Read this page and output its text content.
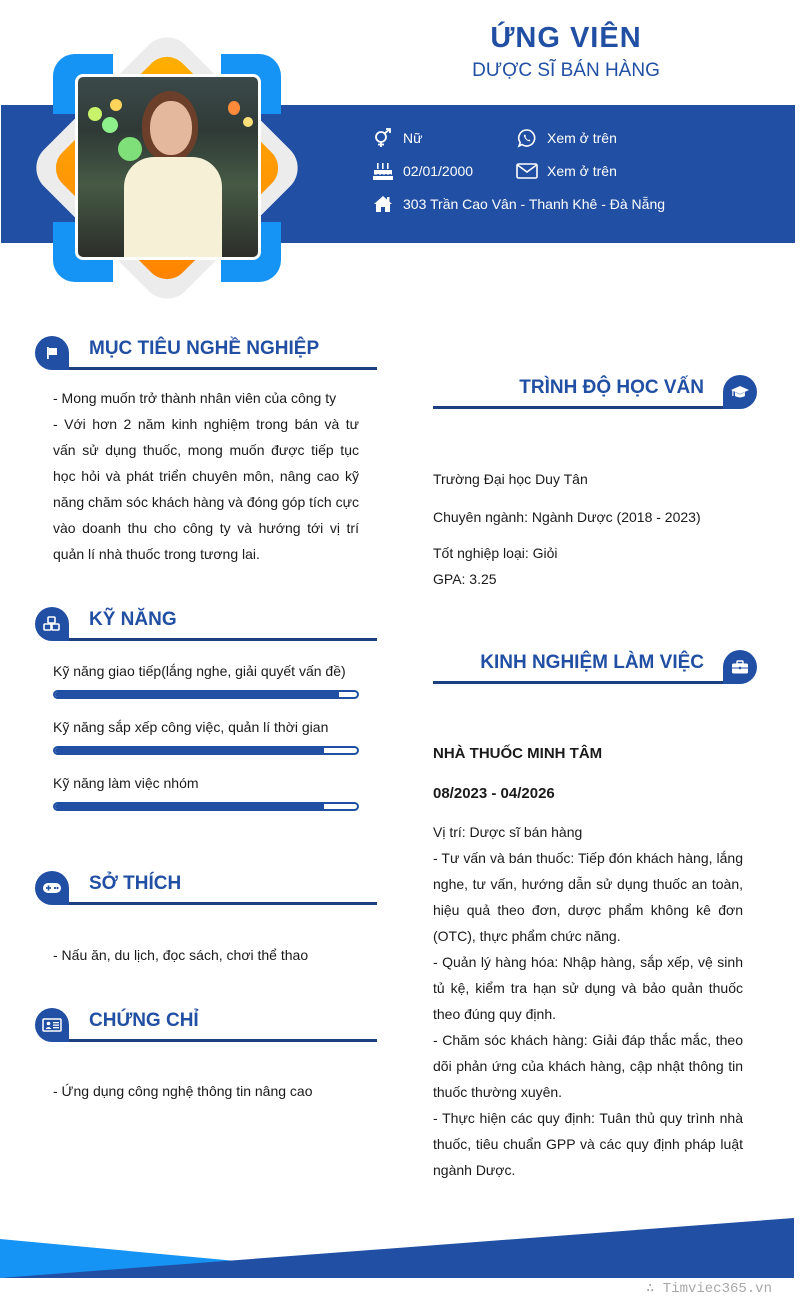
ỨNG VIÊN
DƯỢC SĨ BÁN HÀNG
Nữ	Xem ở trên
02/01/2000	Xem ở trên
303 Trần Cao Vân - Thanh Khê - Đà Nẵng
MỤC TIÊU NGHỀ NGHIỆP
- Mong muốn trở thành nhân viên của công ty
- Với hơn 2 năm kinh nghiệm trong bán và tư vấn sử dụng thuốc, mong muốn được tiếp tục học hỏi và phát triển chuyên môn, nâng cao kỹ năng chăm sóc khách hàng và đóng góp tích cực vào doanh thu cho công ty và hướng tới vị trí quản lí nhà thuốc trong tương lai.
KỸ NĂNG
Kỹ năng giao tiếp(lắng nghe, giải quyết vấn đề)
Kỹ năng sắp xếp công việc, quản lí thời gian
Kỹ năng làm việc nhóm
SỞ THÍCH
- Nấu ăn, du lịch, đọc sách, chơi thể thao
CHỨNG CHỈ
- Ứng dụng công nghệ thông tin nâng cao
TRÌNH ĐỘ HỌC VẤN
Trường Đại học Duy Tân
Chuyên ngành: Ngành Dược (2018 - 2023)
Tốt nghiệp loại: Giỏi
GPA: 3.25
KINH NGHIỆM LÀM VIỆC
NHÀ THUỐC MINH TÂM
08/2023 - 04/2026
Vị trí: Dược sĩ bán hàng
- Tư vấn và bán thuốc: Tiếp đón khách hàng, lắng nghe, tư vấn, hướng dẫn sử dụng thuốc an toàn, hiệu quả theo đơn, dược phẩm không kê đơn (OTC), thực phẩm chức năng.
- Quản lý hàng hóa: Nhập hàng, sắp xếp, vệ sinh tủ kệ, kiểm tra hạn sử dụng và bảo quản thuốc theo đúng quy định.
- Chăm sóc khách hàng: Giải đáp thắc mắc, theo dõi phản ứng của khách hàng, cập nhật thông tin thuốc thường xuyên.
- Thực hiện các quy định: Tuân thủ quy trình nhà thuốc, tiêu chuẩn GPP và các quy định pháp luật ngành Dược.
∴ Timviec365.vn
